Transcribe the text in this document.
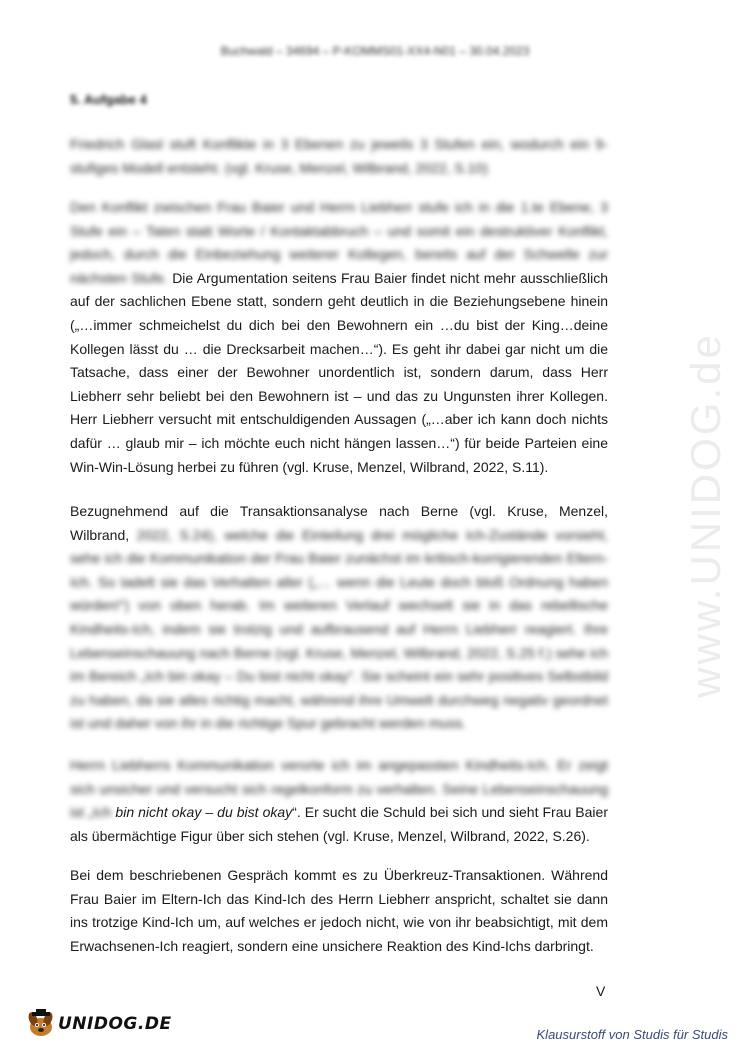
Buchwald – 34694 – P-KOMMS01-XX4-N01 – 30.04.2023
5. Aufgabe 4

Friedrich Glasl stuft Konflikte in 3 Ebenen zu jeweils 3 Stufen ein, wodurch ein 9-stufiges Modell entsteht. (vgl. Kruse, Menzel, Wilbrand, 2022, S.10)

Den Konflikt zwischen Frau Baier und Herrn Liebherr stufe ich in die 1.te Ebene, 3 Stufe ein – Taten statt Worte / Kontaktabbruch – und somit ein destruktiver Konflikt, jedoch, durch die Einbeziehung weiterer Kollegen, bereits auf der Schwelle zur nächsten Stufe. Die Argumentation seitens Frau Baier findet nicht mehr ausschließlich auf der sachlichen Ebene statt, sondern geht deutlich in die Beziehungsebene hinein („…immer schmeichelst du dich bei den Bewohnern ein …du bist der King…deine Kollegen lässt du … die Drecksarbeit machen…“). Es geht ihr dabei gar nicht um die Tatsache, dass einer der Bewohner unordentlich ist, sondern darum, dass Herr Liebherr sehr beliebt bei den Bewohnern ist – und das zu Ungunsten ihrer Kollegen. Herr Liebherr versucht mit entschuldigenden Aussagen („…aber ich kann doch nichts dafür … glaub mir – ich möchte euch nicht hängen lassen…“) für beide Parteien eine Win-Win-Lösung herbei zu führen (vgl. Kruse, Menzel, Wilbrand, 2022, S.11).

Bezugnehmend auf die Transaktionsanalyse nach Berne (vgl. Kruse, Menzel, Wilbrand, 2022, S.24), welche die Einteilung drei mögliche Ich-Zustände vorsieht, sehe ich die Kommunikation der Frau Baier zunächst im kritisch-korrigierenden Eltern-Ich. So tadelt sie das Verhalten aller („… wenn die Leute doch bloß Ordnung haben würden!“) von oben herab. Im weiteren Verlauf wechselt sie in das rebellische Kindheits-Ich, indem sie trotzig und aufbrausend auf Herrn Liebherr reagiert. Ihre Lebenseinschauung nach Berne (vgl. Kruse, Menzel, Wilbrand, 2022, S.25 f.) sehe ich im Bereich „Ich bin okay – Du bist nicht okay“. Sie scheint ein sehr positives Selbstbild zu haben, da sie alles richtig macht, während ihre Umwelt durchweg negativ geordnet ist und daher von ihr in die richtige Spur gebracht werden muss.

Herrn Liebherrs Kommunikation verorte ich im angepassten Kindheits-Ich. Er zeigt sich unsicher und versucht sich regelkonform zu verhalten. Seine Lebenseinschauung ist „Ich bin nicht okay – du bist okay“. Er sucht die Schuld bei sich und sieht Frau Baier als übermächtige Figur über sich stehen (vgl. Kruse, Menzel, Wilbrand, 2022, S.26).

Bei dem beschriebenen Gespräch kommt es zu Überkreuz-Transaktionen. Während Frau Baier im Eltern-Ich das Kind-Ich des Herrn Liebherr anspricht, schaltet sie dann ins trotzige Kind-Ich um, auf welches er jedoch nicht, wie von ihr beabsichtigt, mit dem Erwachsenen-Ich reagiert, sondern eine unsichere Reaktion des Kind-Ichs darbringt.

www.UNIDOG.de
V
UNIDOG.DE
Klausurstoff von Studis für Studis
